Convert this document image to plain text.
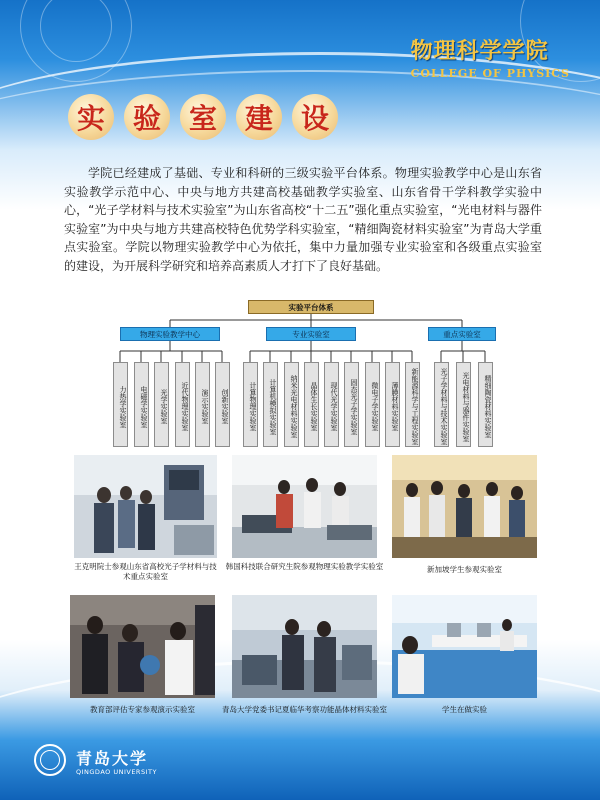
物理科学学院
COLLEGE OF PHYSICS
实 验 室 建 设
学院已经建成了基础、专业和科研的三级实验平台体系。物理实验教学中心是山东省实验教学示范中心、中央与地方共建高校基础教学实验室、山东省骨干学科教学实验中心，“光子学材料与技术实验室”为山东省高校“十二五”强化重点实验室，“光电材料与器件实验室”为中央与地方共建高校特色优势学科实验室，“精细陶瓷材料实验室”为青岛大学重点实验室。学院以物理实验教学中心为依托，集中力量加强专业实验室和各级重点实验室的建设，为开展科学研究和培养高素质人才打下了良好基础。
实验平台体系
物理实验教学中心	专业实验室	重点实验室
力热学实验室	电磁学实验室	光学实验室	近代物理实验室	演示实验室	创新实验室	计算物理实验室	计算机模拟实验室	纳米光电材料实验室	晶体生长实验室	现代光学实验室	固态光子学实验室	微电子学实验室	薄膜材料实验室	新能源科学与工程实验室	光子学材料与技术实验室	光电材料与器件实验室	精细陶瓷材料实验室
王克明院士参观山东省高校光子学材料与技术重点实验室
韩国科技联合研究生院参观物理实验教学实验室	新加坡学生参观实验室
教育部评估专家参观演示实验室	青岛大学党委书记夏临华考察功能晶体材料实验室	学生在做实验
青岛大学
QINGDAO UNIVERSITY
